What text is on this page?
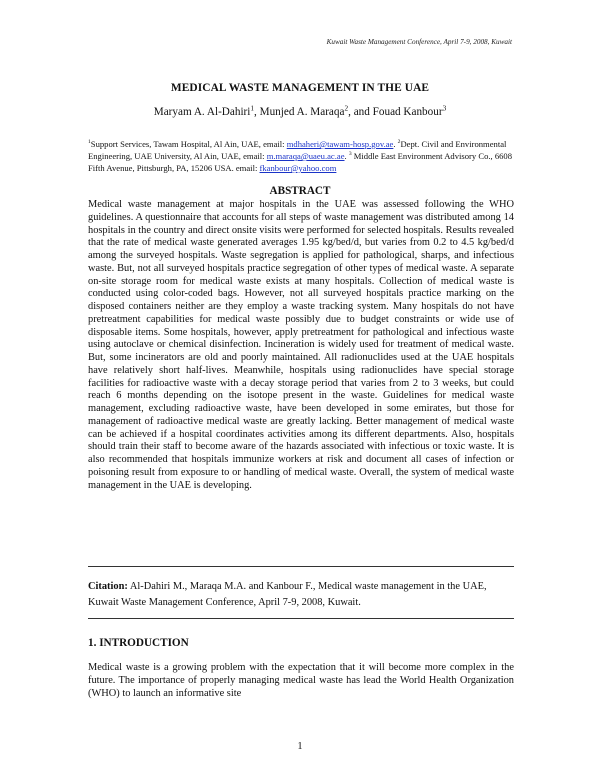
Kuwait Waste Management Conference, April 7-9, 2008, Kuwait
MEDICAL WASTE MANAGEMENT IN THE UAE
Maryam A. Al-Dahiri$^1$, Munjed A. Maraqa$^2$, and Fouad Kanbour$^3$
$^1$Support Services, Tawam Hospital, Al Ain, UAE, email: mdhaheri@tawam-hosp.gov.ae. $^2$Dept. Civil and Environmental Engineering, UAE University, Al Ain, UAE, email: m.maraqa@uaeu.ac.ae. $^3$ Middle East Environment Advisory Co., 6608 Fifth Avenue, Pittsburgh, PA, 15206 USA. email: fkanbour@yahoo.com
ABSTRACT
Medical waste management at major hospitals in the UAE was assessed following the WHO guidelines. A questionnaire that accounts for all steps of waste management was distributed among 14 hospitals in the country and direct onsite visits were performed for selected hospitals. Results revealed that the rate of medical waste generated averages 1.95 kg/bed/d, but varies from 0.2 to 4.5 kg/bed/d among the surveyed hospitals. Waste segregation is applied for pathological, sharps, and infectious waste. But, not all surveyed hospitals practice segregation of other types of medical waste. A separate on-site storage room for medical waste exists at many hospitals. Collection of medical waste is conducted using color-coded bags. However, not all surveyed hospitals practice marking on the disposed containers neither are they employ a waste tracking system. Many hospitals do not have pretreatment capabilities for medical waste possibly due to budget constraints or wide use of disposable items. Some hospitals, however, apply pretreatment for pathological and infectious waste using autoclave or chemical disinfection. Incineration is widely used for treatment of medical waste. But, some incinerators are old and poorly maintained. All radionuclides used at the UAE hospitals have relatively short half-lives. Meanwhile, hospitals using radionuclides have special storage facilities for radioactive waste with a decay storage period that varies from 2 to 3 weeks, but could reach 6 months depending on the isotope present in the waste. Guidelines for medical waste management, excluding radioactive waste, have been developed in some emirates, but those for management of radioactive medical waste are greatly lacking. Better management of medical waste can be achieved if a hospital coordinates activities among its different departments. Also, hospitals should train their staff to become aware of the hazards associated with infectious or toxic waste. It is also recommended that hospitals immunize workers at risk and document all cases of infection or poisoning result from exposure to or handling of medical waste. Overall, the system of medical waste management in the UAE is developing.
Citation: Al-Dahiri M., Maraqa M.A. and Kanbour F., Medical waste management in the UAE, Kuwait Waste Management Conference, April 7-9, 2008, Kuwait.
1. INTRODUCTION
Medical waste is a growing problem with the expectation that it will become more complex in the future. The importance of properly managing medical waste has lead the World Health Organization (WHO) to launch an informative site
1
